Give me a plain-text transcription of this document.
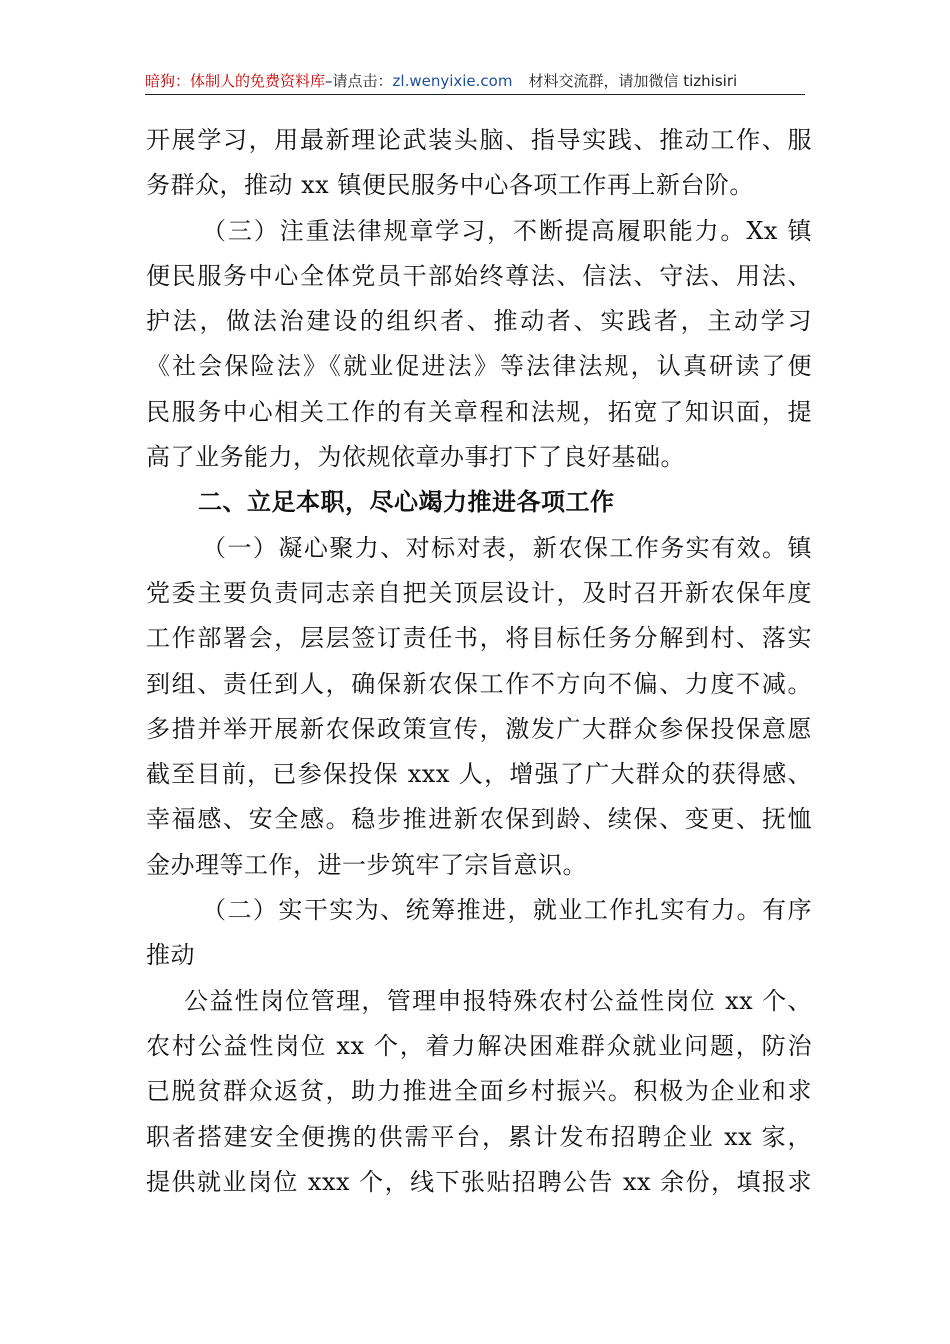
暗狗：体制人的免费资料库–请点击：zl.wenyixie.com 材料交流群，请加微信 tizhisiri
开展学习，用最新理论武装头脑、指导实践、推动工作、服
务群众，推动 xx 镇便民服务中心各项工作再上新台阶。
（三）注重法律规章学习，不断提高履职能力。Xx 镇
便民服务中心全体党员干部始终尊法、信法、守法、用法、
护法，做法治建设的组织者、推动者、实践者，主动学习
《社会保险法》《就业促进法》等法律法规，认真研读了便
民服务中心相关工作的有关章程和法规，拓宽了知识面，提
高了业务能力，为依规依章办事打下了良好基础。
二、立足本职，尽心竭力推进各项工作
（一）凝心聚力、对标对表，新农保工作务实有效。镇
党委主要负责同志亲自把关顶层设计，及时召开新农保年度
工作部署会，层层签订责任书，将目标任务分解到村、落实
到组、责任到人，确保新农保工作不方向不偏、力度不减。
多措并举开展新农保政策宣传，激发广大群众参保投保意愿
截至目前，已参保投保 xxx 人，增强了广大群众的获得感、
幸福感、安全感。稳步推进新农保到龄、续保、变更、抚恤
金办理等工作，进一步筑牢了宗旨意识。
（二）实干实为、统筹推进，就业工作扎实有力。有序
推动
公益性岗位管理，管理申报特殊农村公益性岗位 xx 个、
农村公益性岗位 xx 个，着力解决困难群众就业问题，防治
已脱贫群众返贫，助力推进全面乡村振兴。积极为企业和求
职者搭建安全便携的供需平台，累计发布招聘企业 xx 家，
提供就业岗位 xxx 个，线下张贴招聘公告 xx 余份，填报求
